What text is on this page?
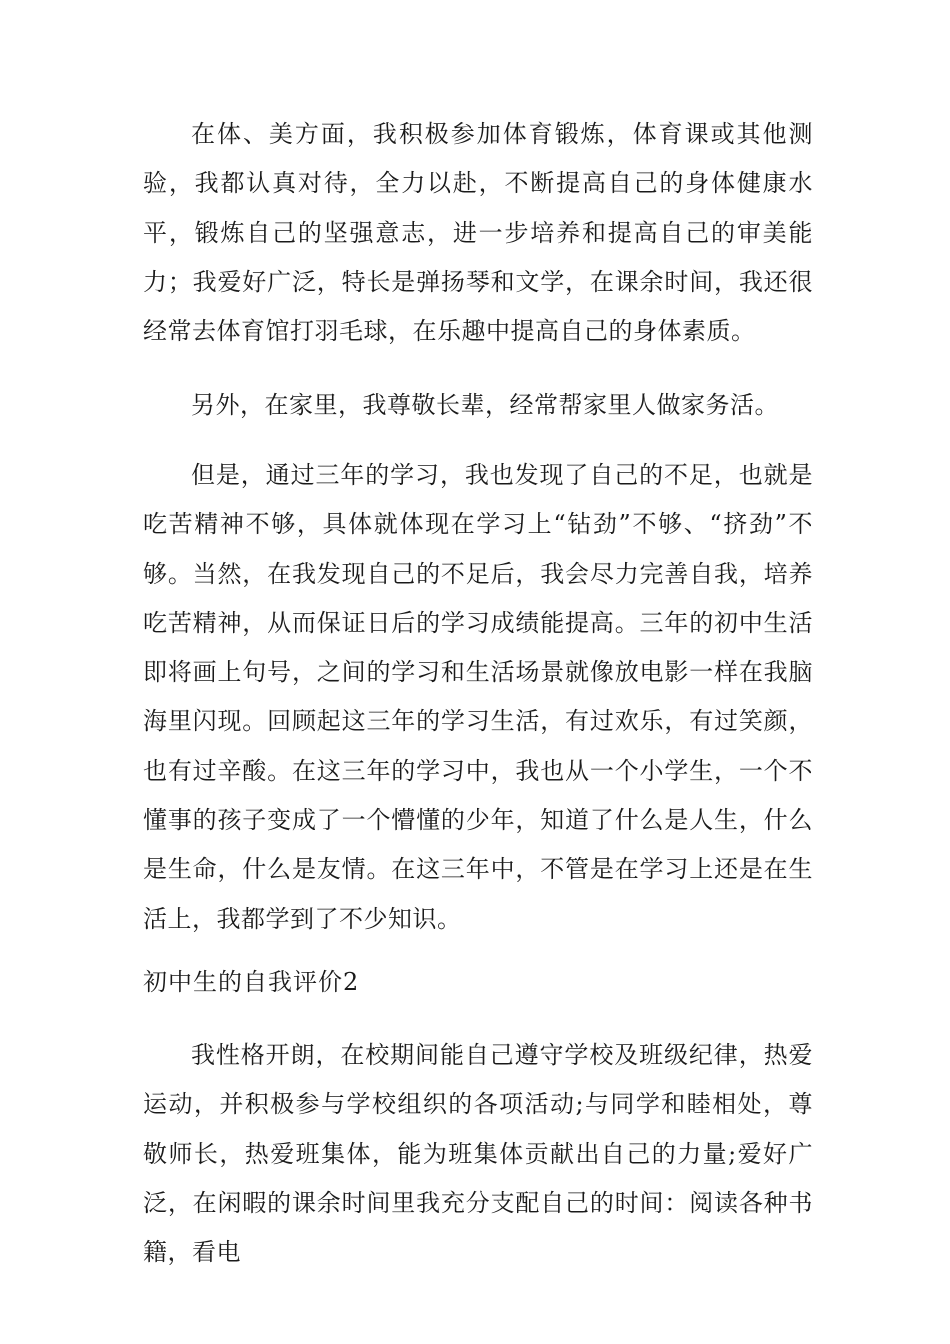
在体、美方面，我积极参加体育锻炼，体育课或其他测验，我都认真对待，全力以赴，不断提高自己的身体健康水平，锻炼自己的坚强意志，进一步培养和提高自己的审美能力；我爱好广泛，特长是弹扬琴和文学，在课余时间，我还很经常去体育馆打羽毛球，在乐趣中提高自己的身体素质。

另外，在家里，我尊敬长辈，经常帮家里人做家务活。

但是，通过三年的学习，我也发现了自己的不足，也就是吃苦精神不够，具体就体现在学习上“钻劲”不够、“挤劲”不够。当然，在我发现自己的不足后，我会尽力完善自我，培养吃苦精神，从而保证日后的学习成绩能提高。三年的初中生活即将画上句号，之间的学习和生活场景就像放电影一样在我脑海里闪现。回顾起这三年的学习生活，有过欢乐，有过笑颜，也有过辛酸。在这三年的学习中，我也从一个小学生，一个不懂事的孩子变成了一个懵懂的少年，知道了什么是人生，什么是生命，什么是友情。在这三年中，不管是在学习上还是在生活上，我都学到了不少知识。

初中生的自我评价2

我性格开朗，在校期间能自己遵守学校及班级纪律，热爱运动，并积极参与学校组织的各项活动;与同学和睦相处，尊敬师长，热爱班集体，能为班集体贡献出自己的力量;爱好广泛，在闲暇的课余时间里我充分支配自己的时间：阅读各种书籍，看电
